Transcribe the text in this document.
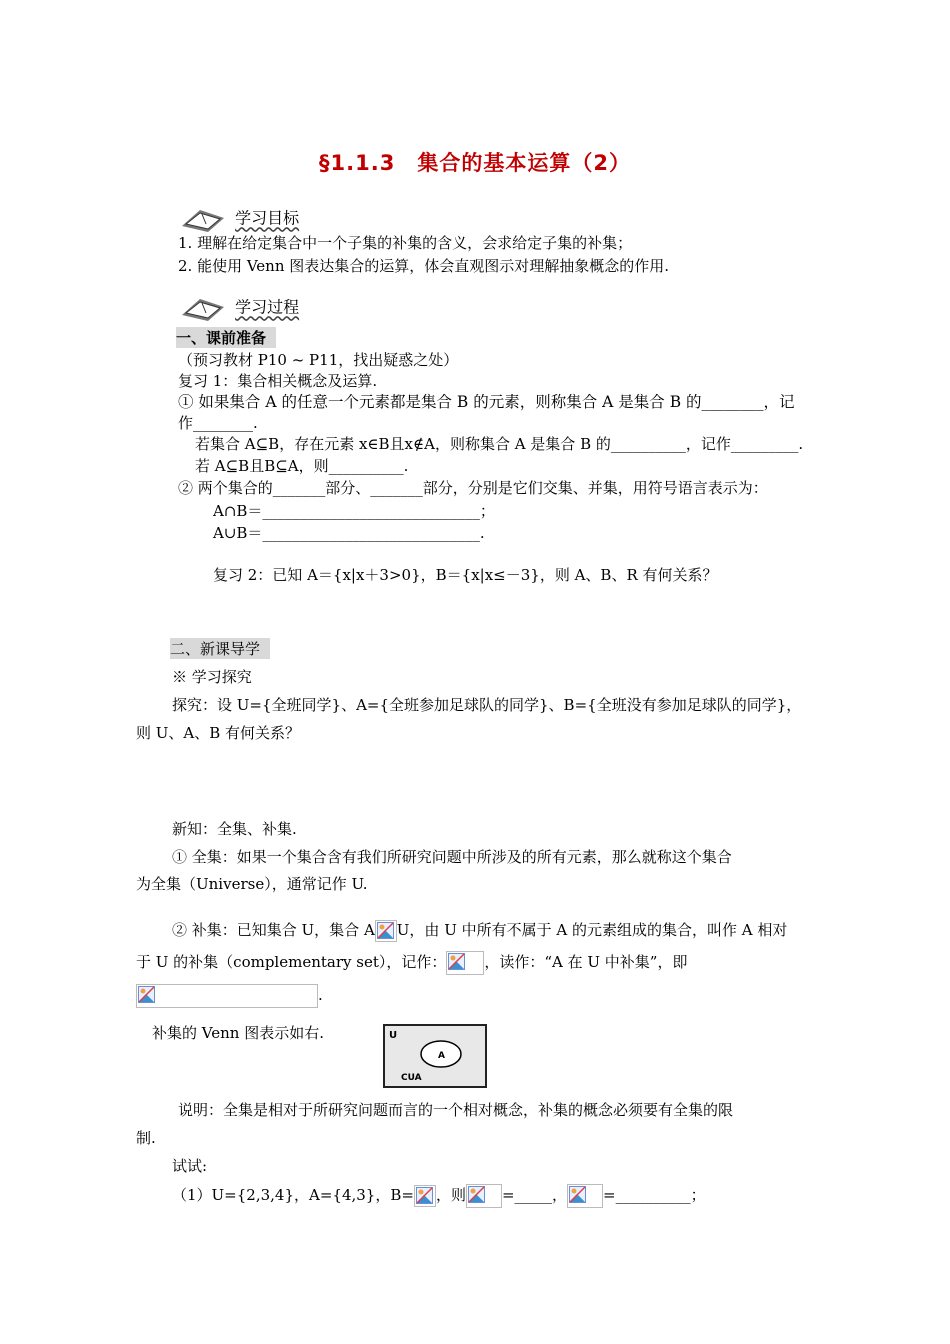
§1.1.3　集合的基本运算（2）
学习目标
1. 理解在给定集合中一个子集的补集的含义，会求给定子集的补集；
2. 能使用 Venn 图表达集合的运算，体会直观图示对理解抽象概念的作用.
学习过程
一、课前准备
（预习教材 P10 ~ P11，找出疑惑之处）
复习 1：集合相关概念及运算.
① 如果集合 A 的任意一个元素都是集合 B 的元素，则称集合 A 是集合 B 的________，记
作________.
若集合 A⊆B，存在元素 x∈B且x∉A，则称集合 A 是集合 B 的__________，记作_________.
若 A⊆B且B⊆A，则__________.
② 两个集合的_______部分、_______部分，分别是它们交集、并集，用符号语言表示为：
A∩B＝_____________________________；
A∪B＝_____________________________.
复习 2：已知 A＝{x|x＋3>0}，B＝{x|x≤－3}，则 A、B、R 有何关系？
二、新课导学
※ 学习探究
探究：设 U={全班同学}、A={全班参加足球队的同学}、B={全班没有参加足球队的同学}，
则 U、A、B 有何关系？
新知：全集、补集.
① 全集：如果一个集合含有我们所研究问题中所涉及的所有元素，那么就称这个集合
为全集（Universe），通常记作 U.
② 补集：已知集合 U，集合 A U，由 U 中所有不属于 A 的元素组成的集合，叫作 A 相对
于 U 的补集（complementary set），记作：	，读作：“A 在 U 中补集”，即
.
补集的 Venn 图表示如右.	U
A
CUA
说明：全集是相对于所研究问题而言的一个相对概念，补集的概念必须要有全集的限
制.
试试:
（1）U={2,3,4}，A={4,3}，B= ，则 =_____， =__________；
